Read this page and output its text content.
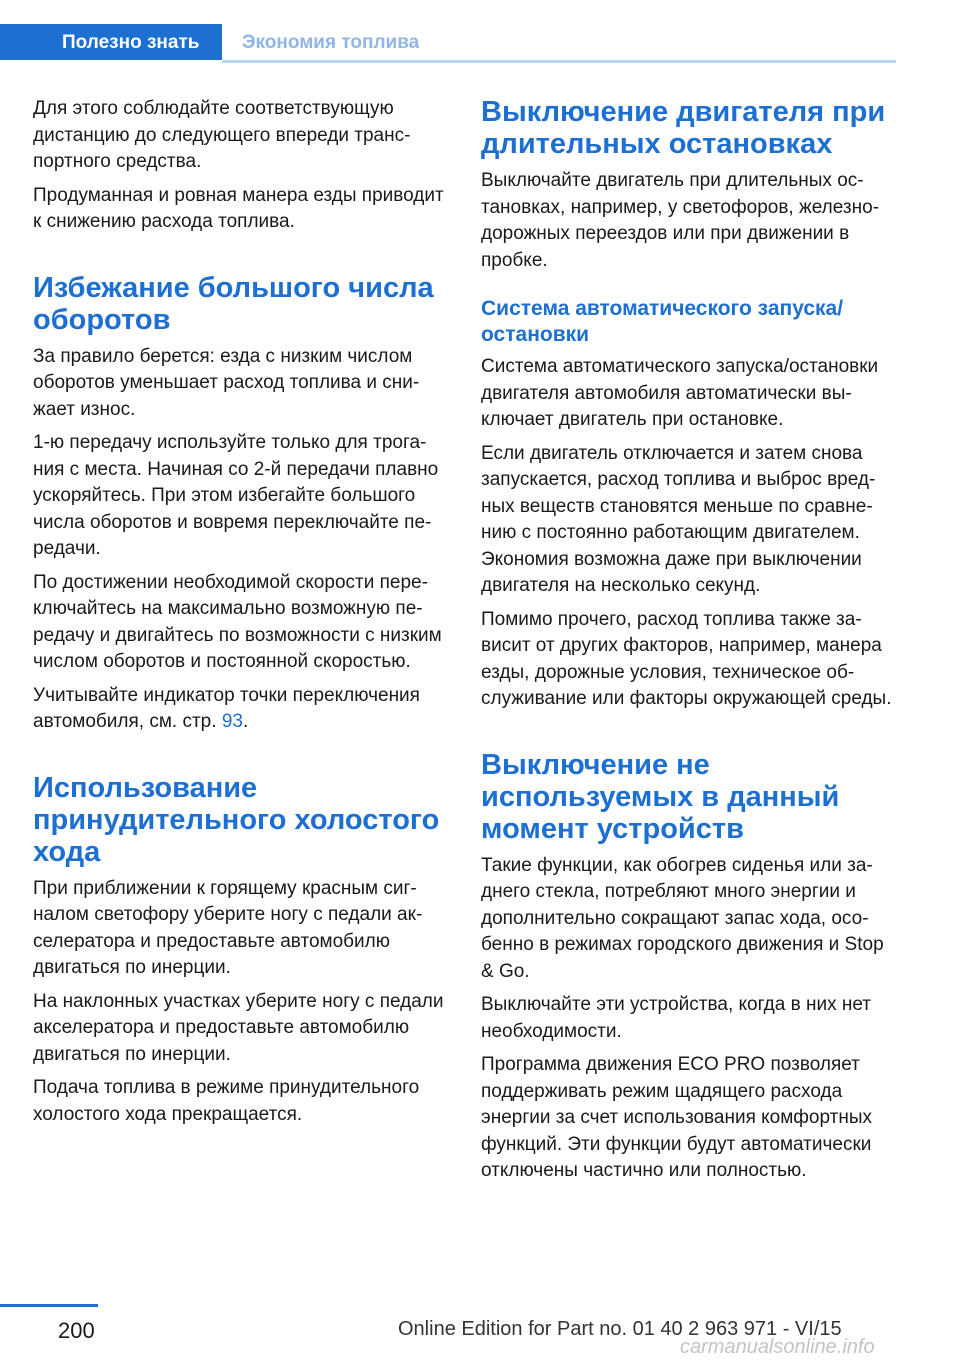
Полезно знать Экономия топлива

Для этого соблюдайте соответствующую дистанцию до следующего впереди транспортного средства.

Продуманная и ровная манера езды приводит к снижению расхода топлива.

Избежание большого числа оборотов

За правило берется: езда с низким числом оборотов уменьшает расход топлива и снижает износ.

1-ю передачу используйте только для трогания с места. Начиная со 2-й передачи плавно ускоряйтесь. При этом избегайте большого числа оборотов и вовремя переключайте передачи.

По достижении необходимой скорости переключайтесь на максимально возможную передачу и двигайтесь по возможности с низким числом оборотов и постоянной скоростью.

Учитывайте индикатор точки переключения автомобиля, см. стр. 93.

Использование принудительного холостого хода

При приближении к горящему красным сигналом светофору уберите ногу с педали акселератора и предоставьте автомобилю двигаться по инерции.

На наклонных участках уберите ногу с педали акселератора и предоставьте автомобилю двигаться по инерции.

Подача топлива в режиме принудительного холостого хода прекращается.

Выключение двигателя при длительных остановках

Выключайте двигатель при длительных остановках, например, у светофоров, железнодорожных переездов или при движении в пробке.

Система автоматического запуска/ остановки

Система автоматического запуска/остановки двигателя автомобиля автоматически выключает двигатель при остановке.

Если двигатель отключается и затем снова запускается, расход топлива и выброс вредных веществ становятся меньше по сравнению с постоянно работающим двигателем. Экономия возможна даже при выключении двигателя на несколько секунд.

Помимо прочего, расход топлива также зависит от других факторов, например, манера езды, дорожные условия, техническое обслуживание или факторы окружающей среды.

Выключение не используемых в данный момент устройств

Такие функции, как обогрев сиденья или заднего стекла, потребляют много энергии и дополнительно сокращают запас хода, особенно в режимах городского движения и Stop & Go.

Выключайте эти устройства, когда в них нет необходимости.

Программа движения ECO PRO позволяет поддерживать режим щадящего расхода энергии за счет использования комфортных функций. Эти функции будут автоматически отключены частично или полностью.

200	Online Edition for Part no. 01 40 2 963 971 - VI/15
carmanualsonline.info
